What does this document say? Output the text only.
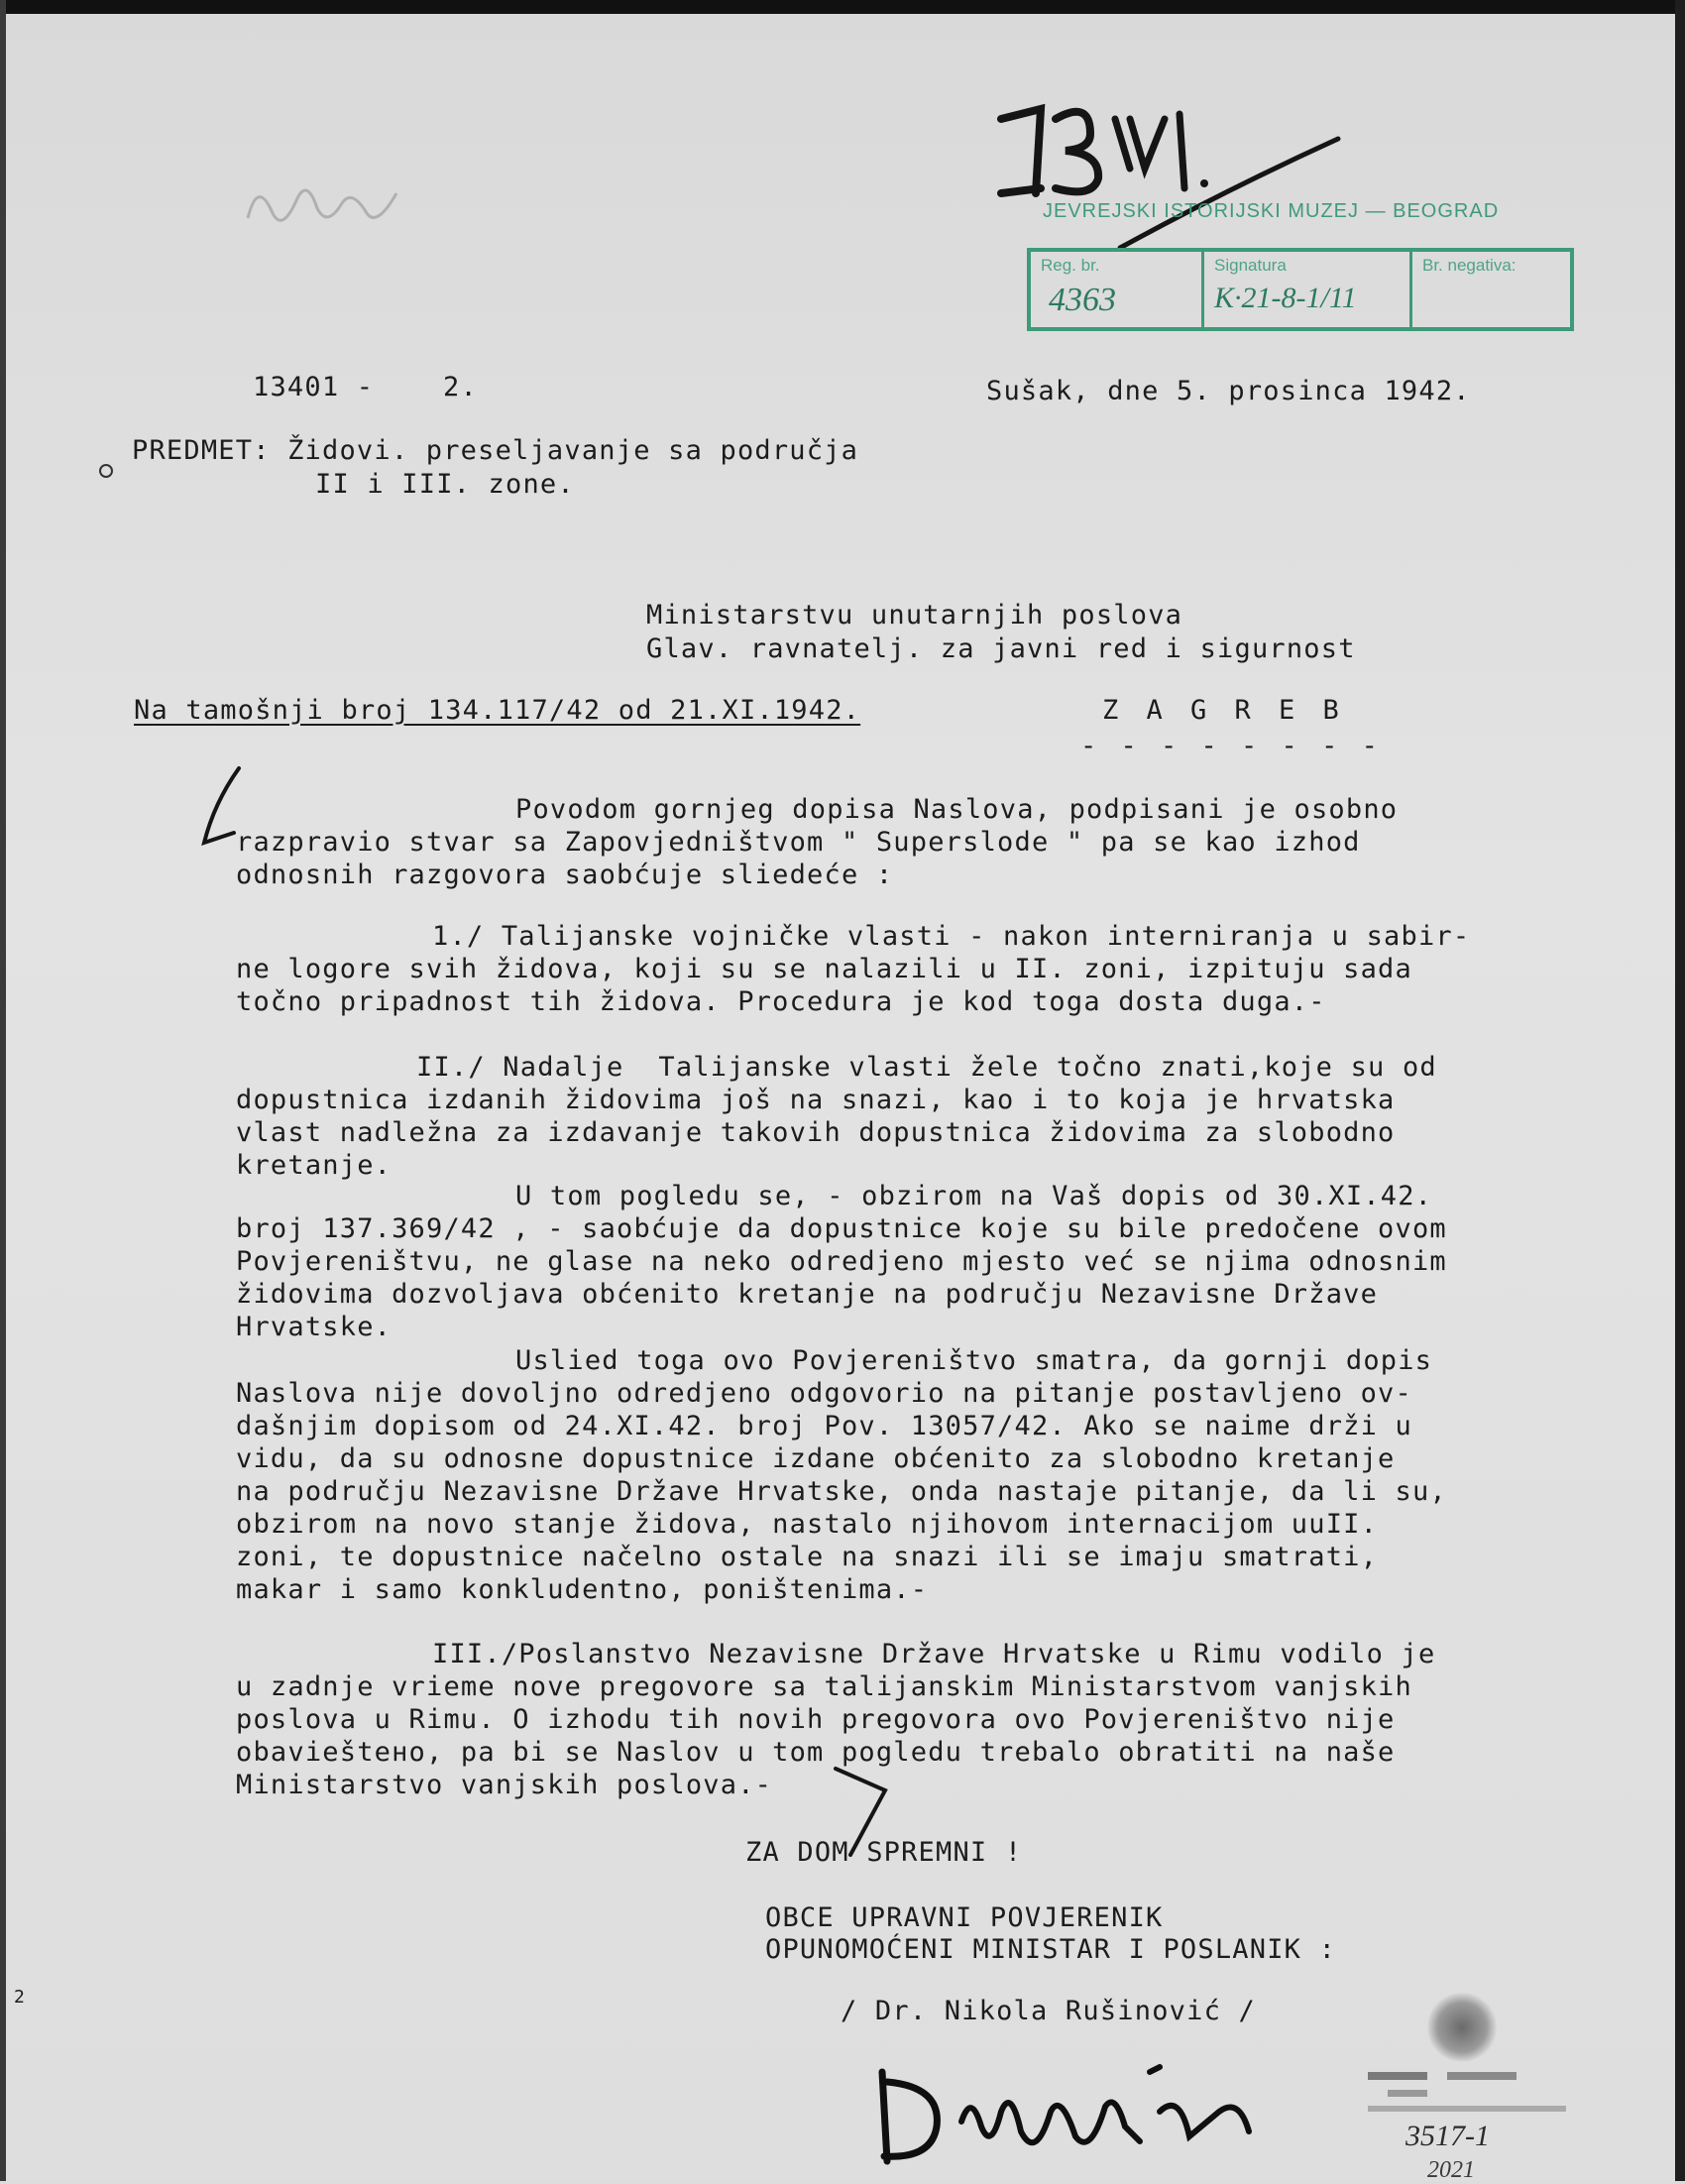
JEVREJSKI ISTORIJSKI MUZEJ — BEOGRAD
Reg. br.
4363
Signatura
K·21-8-1/11
Br. negativa:
13401 -    2.	Sušak, dne 5. prosinca 1942.
PREDMET: Židovi. preseljavanje sa područja
II i III. zone.
Ministarstvu unutarnjih poslova
Glav. ravnatelj. za javni red i sigurnost
Na tamošnji broj 134.117/42 od 21.XI.1942.	Z A G R E B
- - - - - - - -
Povodom gornjeg dopisa Naslova, podpisani je osobno
razpravio stvar sa Zapovjedništvom " Superslode " pa se kao izhod
odnosnih razgovora saobćuje sliedeće :
1./ Talijanske vojničke vlasti - nakon interniranja u sabir-
ne logore svih židova, koji su se nalazili u II. zoni, izpituju sada
točno pripadnost tih židova. Procedura je kod toga dosta duga.-
II./ Nadalje  Talijanske vlasti žele točno znati,koje su od
dopustnica izdanih židovima još na snazi, kao i to koja je hrvatska
vlast nadležna za izdavanje takovih dopustnica židovima za slobodno
kretanje.
U tom pogledu se, - obzirom na Vaš dopis od 30.XI.42.
broj 137.369/42 , - saobćuje da dopustnice koje su bile predočene ovom
Povjereništvu, ne glase na neko odredjeno mjesto već se njima odnosnim
židovima dozvoljava obćenito kretanje na području Nezavisne Države
Hrvatske.
Uslied toga ovo Povjereništvo smatra, da gornji dopis
Naslova nije dovoljno odredjeno odgovorio na pitanje postavljeno ov-
dašnjim dopisom od 24.XI.42. broj Pov. 13057/42. Ako se naime drži u
vidu, da su odnosne dopustnice izdane obćenito za slobodno kretanje
na području Nezavisne Države Hrvatske, onda nastaje pitanje, da li su,
obzirom na novo stanje židova, nastalo njihovom internacijom uuII.
zoni, te dopustnice načelno ostale na snazi ili se imaju smatrati,
makar i samo konkludentno, poništenima.-
III./Poslanstvo Nezavisne Države Hrvatske u Rimu vodilo je
u zadnje vrieme nove pregovore sa talijanskim Ministarstvom vanjskih
poslova u Rimu. O izhodu tih novih pregovora ovo Povjereništvo nije
obavieštено, pa bi se Naslov u tom pogledu trebalo obratiti na naše
Ministarstvo vanjskih poslova.-
ZA DOM SPREMNI !
OBCE UPRAVNI POVJERENIK
OPUNOMOĆENI MINISTAR I POSLANIK :
/ Dr. Nikola Rušinović /
3517-1
2021
2
